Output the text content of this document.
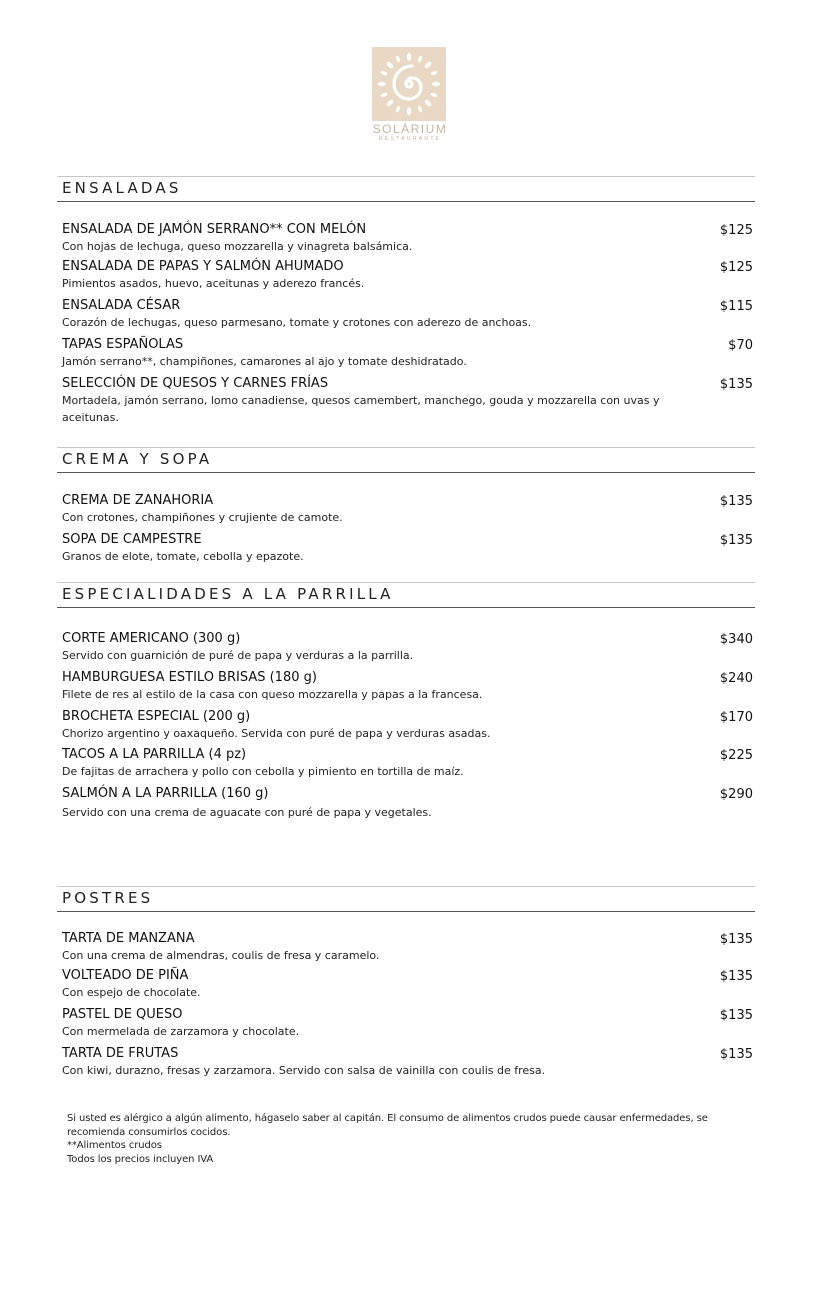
SOLÁRIUM
RESTAURANTE
ENSALADAS
ENSALADA DE JAMÓN SERRANO** CON MELÓN
Con hojas de lechuga, queso mozzarella y vinagreta balsámica.
$125
ENSALADA DE PAPAS Y SALMÓN AHUMADO
Pimientos asados, huevo, aceitunas y aderezo francés.
$125
ENSALADA CÉSAR
Corazón de lechugas, queso parmesano, tomate y crotones con aderezo de anchoas.
$115
TAPAS ESPAÑOLAS
Jamón serrano**, champiñones, camarones al ajo y tomate deshidratado.
$70
SELECCIÓN DE QUESOS Y CARNES FRÍAS
Mortadela, jamón serrano, lomo canadiense, quesos camembert, manchego, gouda y mozzarella con uvas y aceitunas.
$135
CREMA Y SOPA
CREMA DE ZANAHORIA
Con crotones, champiñones y crujiente de camote.
$135
SOPA DE CAMPESTRE
Granos de elote, tomate, cebolla y epazote.
$135
ESPECIALIDADES A LA PARRILLA
CORTE AMERICANO (300 g)
Servido con guarnición de puré de papa y verduras a la parrilla.
$340
HAMBURGUESA ESTILO BRISAS (180 g)
Filete de res al estilo de la casa con queso mozzarella y papas a la francesa.
$240
BROCHETA ESPECIAL (200 g)
Chorizo argentino y oaxaqueño. Servida con puré de papa y verduras asadas.
$170
TACOS A LA PARRILLA (4 pz)
De fajitas de arrachera y pollo con cebolla y pimiento en tortilla de maíz.
$225
SALMÓN A LA PARRILLA (160 g)
Servido con una crema de aguacate con puré de papa y vegetales.
$290
POSTRES
TARTA DE MANZANA
Con una crema de almendras, coulis de fresa y caramelo.
$135
VOLTEADO DE PIÑA
Con espejo de chocolate.
$135
PASTEL DE QUESO
Con mermelada de zarzamora y chocolate.
$135
TARTA DE FRUTAS
Con kiwi, durazno, fresas y zarzamora. Servido con salsa de vainilla con coulis de fresa.
$135

Si usted es alérgico a algún alimento, hágaselo saber al capitán. El consumo de alimentos crudos puede causar enfermedades, se recomienda consumirlos cocidos.

**Alimentos crudos

Todos los precios incluyen IVA
